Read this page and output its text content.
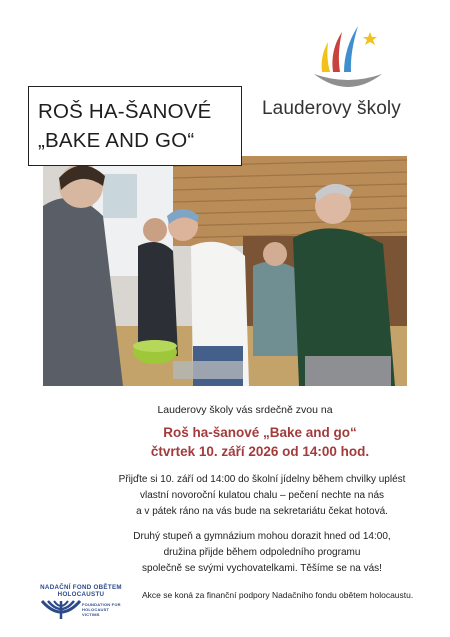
Lauderovy školy
ROŠ HA-ŠANOVÉ
„BAKE AND GO“
Lauderovy školy vás srdečně zvou na
Roš ha-šanové „Bake and go“
čtvrtek 10. září 2026 od 14:00 hod.
Přijďte si 10. září od 14:00 do školní jídelny během chvilky uplést
vlastní novoroční kulatou chalu – pečení nechte na nás
a v pátek ráno na vás bude na sekretariátu čekat hotová.
Druhý stupeň a gymnázium mohou dorazit hned od 14:00,
družina přijde během odpoledního programu
společně se svými vychovatelkami. Těšíme se na vás!
NADAČNÍ FOND OBĚTEM
HOLOCAUSTU
FOUNDATION FOR
HOLOCAUST VICTIMS
Akce se koná za finanční podpory Nadačního fondu obětem holocaustu.
